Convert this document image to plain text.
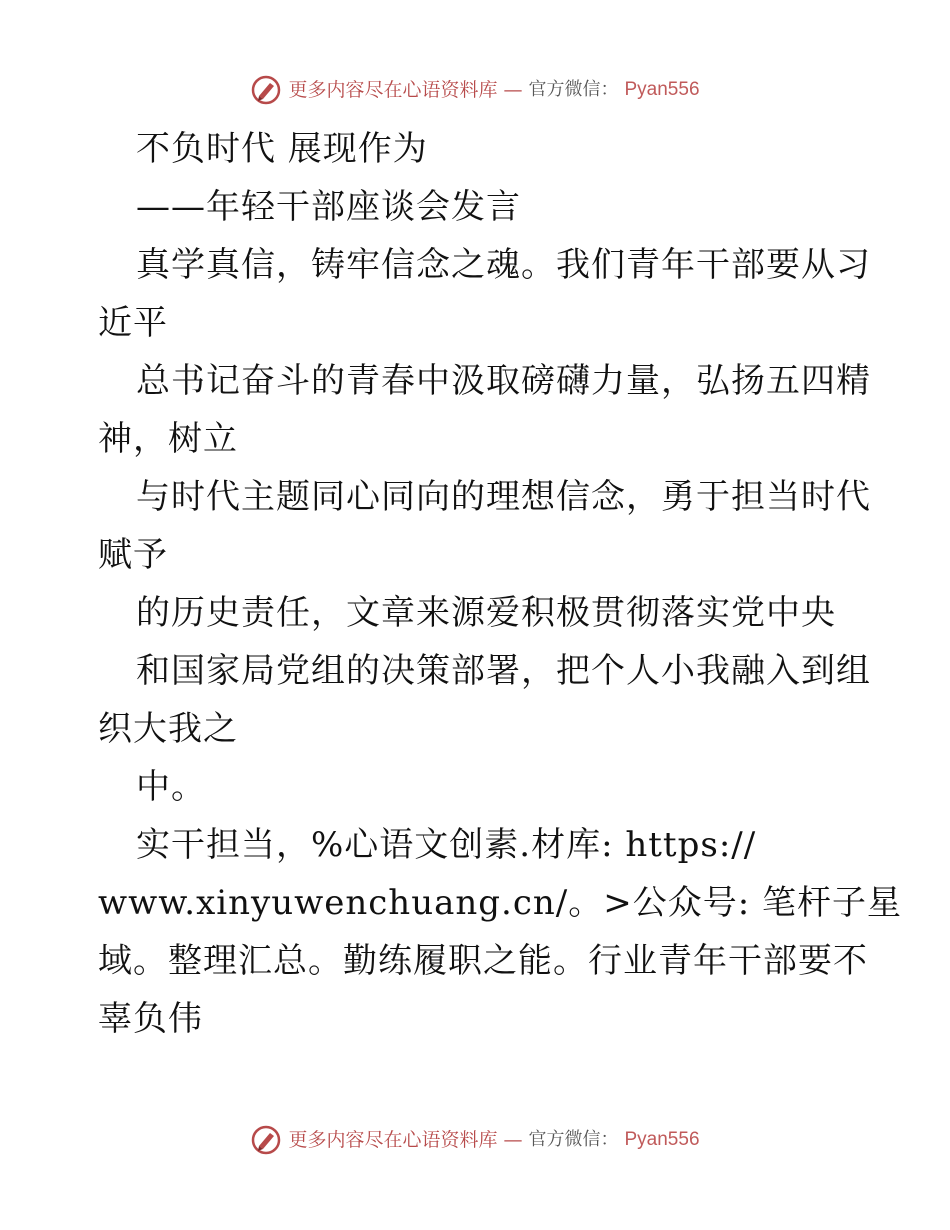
更多内容尽在心语资料库 — 官方微信： Pyan556
不负时代 展现作为
——年轻干部座谈会发言
真学真信，铸牢信念之魂。我们青年干部要从习
近平
总书记奋斗的青春中汲取磅礴力量，弘扬五四精
神，树立
与时代主题同心同向的理想信念，勇于担当时代
赋予
的历史责任，文章来源爱积极贯彻落实党中央
和国家局党组的决策部署，把个人小我融入到组
织大我之
中。
实干担当，%心语文创素.材库: https://
www.xinyuwenchuang.cn/。>公众号: 笔杆子星
域。整理汇总。勤练履职之能。行业青年干部要不
辜负伟
更多内容尽在心语资料库 — 官方微信： Pyan556
